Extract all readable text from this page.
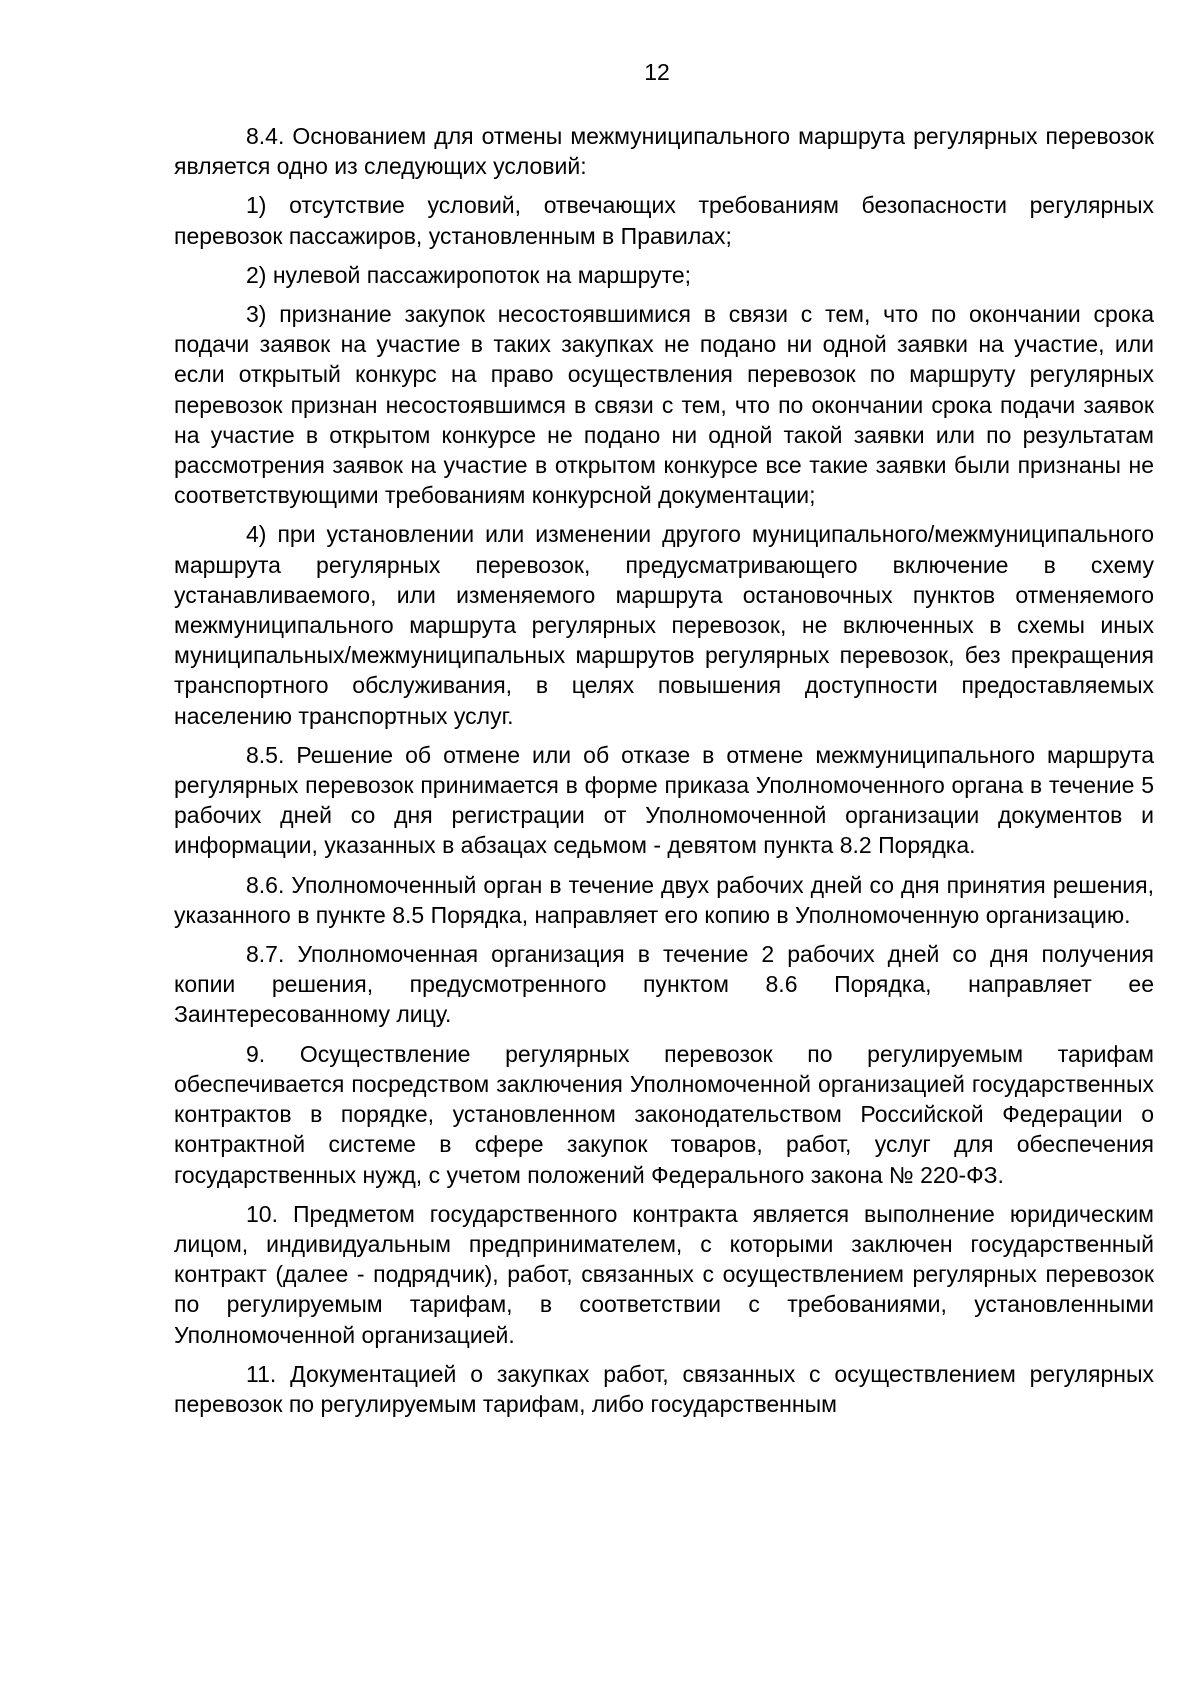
12

8.4. Основанием для отмены межмуниципального маршрута регулярных перевозок является одно из следующих условий:

1) отсутствие условий, отвечающих требованиям безопасности регулярных перевозок пассажиров, установленным в Правилах;

2) нулевой пассажиропоток на маршруте;

3) признание закупок несостоявшимися в связи с тем, что по окончании срока подачи заявок на участие в таких закупках не подано ни одной заявки на участие, или если открытый конкурс на право осуществления перевозок по маршруту регулярных перевозок признан несостоявшимся в связи с тем, что по окончании срока подачи заявок на участие в открытом конкурсе не подано ни одной такой заявки или по результатам рассмотрения заявок на участие в открытом конкурсе все такие заявки были признаны не соответствующими требованиям конкурсной документации;

4) при установлении или изменении другого муниципального/межмуниципального маршрута регулярных перевозок, предусматривающего включение в схему устанавливаемого, или изменяемого маршрута остановочных пунктов отменяемого межмуниципального маршрута регулярных перевозок, не включенных в схемы иных муниципальных/межмуниципальных маршрутов регулярных перевозок, без прекращения транспортного обслуживания, в целях повышения доступности предоставляемых населению транспортных услуг.

8.5. Решение об отмене или об отказе в отмене межмуниципального маршрута регулярных перевозок принимается в форме приказа Уполномоченного органа в течение 5 рабочих дней со дня регистрации от Уполномоченной организации документов и информации, указанных в абзацах седьмом - девятом пункта 8.2 Порядка.

8.6. Уполномоченный орган в течение двух рабочих дней со дня принятия решения, указанного в пункте 8.5 Порядка, направляет его копию в Уполномоченную организацию.

8.7. Уполномоченная организация в течение 2 рабочих дней со дня получения копии решения, предусмотренного пунктом 8.6 Порядка, направляет ее Заинтересованному лицу.

9. Осуществление регулярных перевозок по регулируемым тарифам обеспечивается посредством заключения Уполномоченной организацией государственных контрактов в порядке, установленном законодательством Российской Федерации о контрактной системе в сфере закупок товаров, работ, услуг для обеспечения государственных нужд, с учетом положений Федерального закона № 220-ФЗ.

10. Предметом государственного контракта является выполнение юридическим лицом, индивидуальным предпринимателем, с которыми заключен государственный контракт (далее - подрядчик), работ, связанных с осуществлением регулярных перевозок по регулируемым тарифам, в соответствии с требованиями, установленными Уполномоченной организацией.

11. Документацией о закупках работ, связанных с осуществлением регулярных перевозок по регулируемым тарифам, либо государственным
